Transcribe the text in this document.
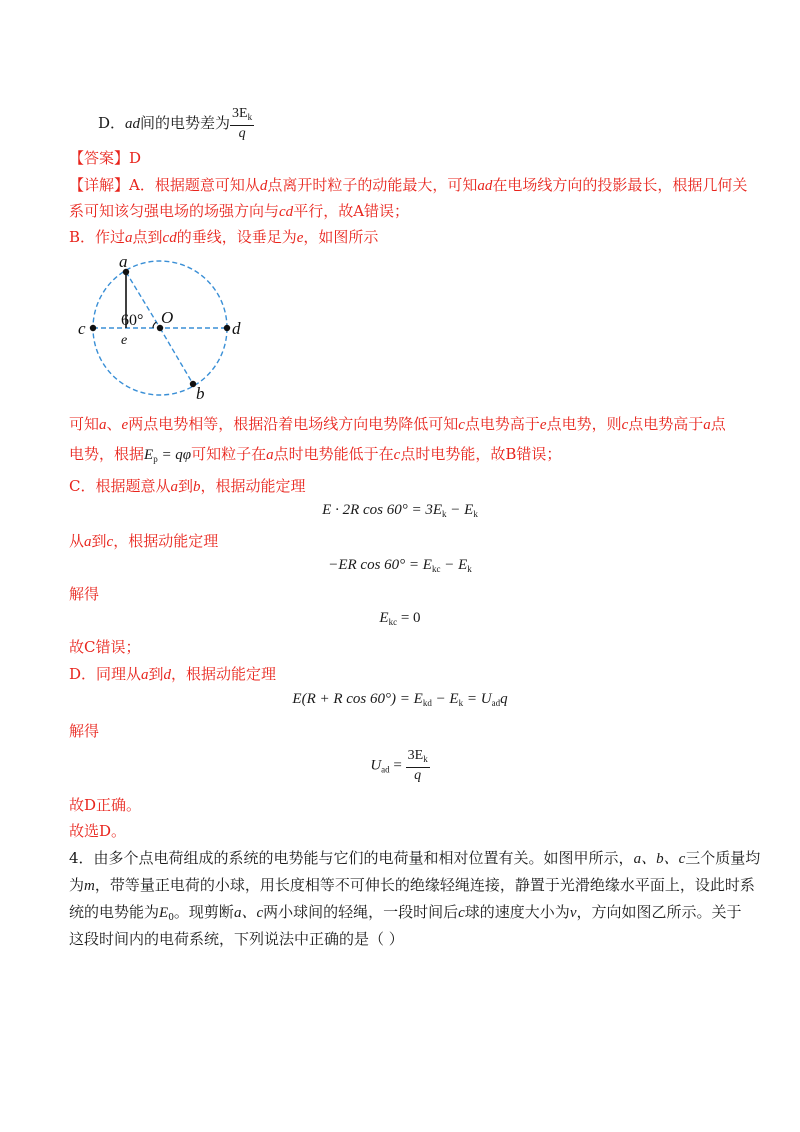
D．ad间的电势差为 $\frac{3E_k}{q}$
【答案】D
【详解】A．根据题意可知从d点离开时粒子的动能最大，可知ad在电场线方向的投影最长，根据几何关
系可知该匀强电场的场强方向与cd平行，故A错误；
B．作过a点到cd的垂线，设垂足为e，如图所示
a
c	d
O
b
e
60°
可知a、e两点电势相等，根据沿着电场线方向电势降低可知c点电势高于e点电势，则c点电势高于a点
电势，根据$E_p = q\varphi$可知粒子在a点时电势能低于在c点时电势能，故B错误；
C．根据题意从a到b，根据动能定理
E · 2R $\cos 60^\circ = 3E_k - E_k$
从a到c，根据动能定理
−ER $\cos 60^\circ = E_{kc} - E_k$
解得
$E_{kc} = 0$
故C错误；
D．同理从a到d，根据动能定理
E(R + R $\cos 60^\circ) = E_{kd} - E_k = U_{ad}q$
解得
$U_{ad} = \frac{3E_k}{q}$
故D正确。
故选D。
4．由多个点电荷组成的系统的电势能与它们的电荷量和相对位置有关。如图甲所示，a、b、c三个质量均
为m，带等量正电荷的小球，用长度相等不可伸长的绝缘轻绳连接，静置于光滑绝缘水平面上，设此时系
统的电势能为$E_0$。现剪断a、c两小球间的轻绳，一段时间后c球的速度大小为v，方向如图乙所示。关于
这段时间内的电荷系统，下列说法中正确的是（ ）
